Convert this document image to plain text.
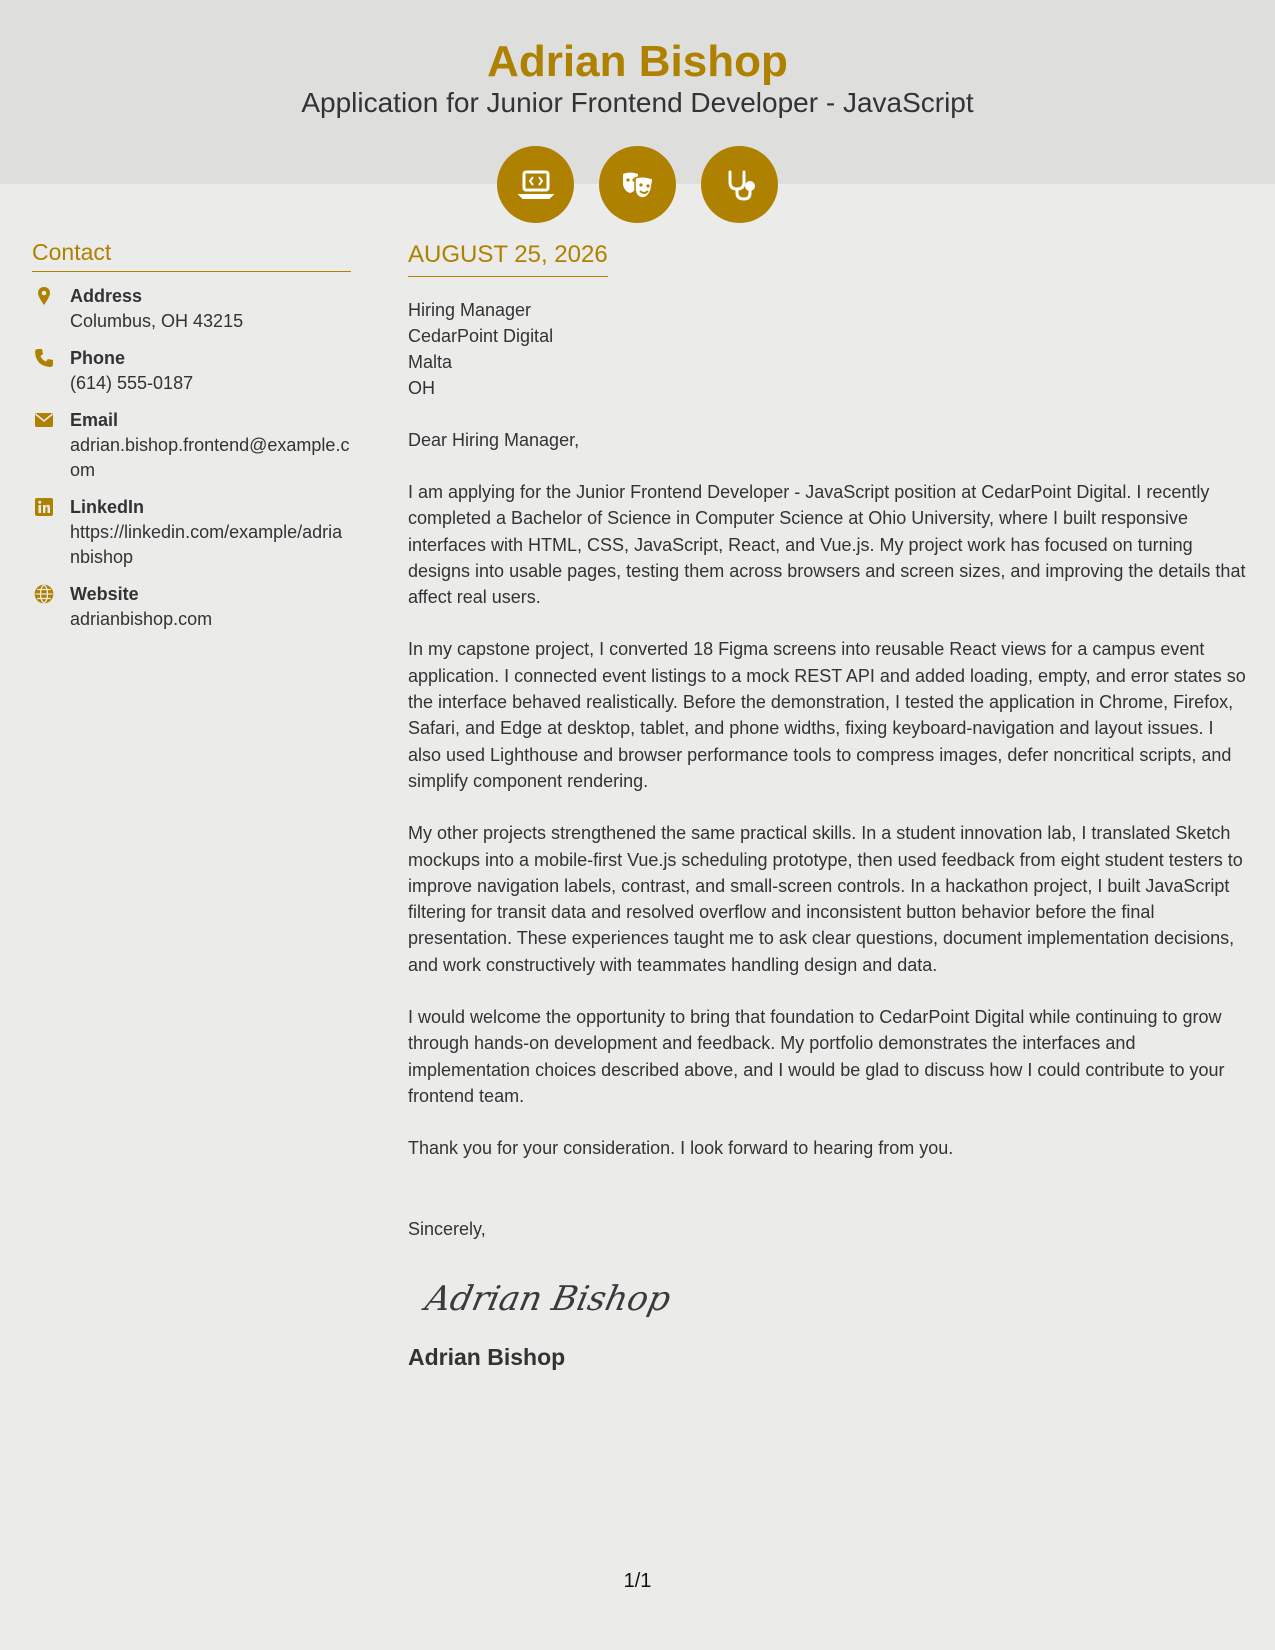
Adrian Bishop
Application for Junior Frontend Developer - JavaScript
Contact
Address
Columbus, OH 43215
Phone
(614) 555-0187
Email
adrian.bishop.frontend@example.com
LinkedIn
https://linkedin.com/example/adrianbishop
Website
adrianbishop.com
AUGUST 25, 2026
Hiring Manager
CedarPoint Digital
Malta
OH
Dear Hiring Manager,
I am applying for the Junior Frontend Developer - JavaScript position at CedarPoint Digital. I recently completed a Bachelor of Science in Computer Science at Ohio University, where I built responsive interfaces with HTML, CSS, JavaScript, React, and Vue.js. My project work has focused on turning designs into usable pages, testing them across browsers and screen sizes, and improving the details that affect real users.
In my capstone project, I converted 18 Figma screens into reusable React views for a campus event application. I connected event listings to a mock REST API and added loading, empty, and error states so the interface behaved realistically. Before the demonstration, I tested the application in Chrome, Firefox, Safari, and Edge at desktop, tablet, and phone widths, fixing keyboard-navigation and layout issues. I also used Lighthouse and browser performance tools to compress images, defer noncritical scripts, and simplify component rendering.
My other projects strengthened the same practical skills. In a student innovation lab, I translated Sketch mockups into a mobile-first Vue.js scheduling prototype, then used feedback from eight student testers to improve navigation labels, contrast, and small-screen controls. In a hackathon project, I built JavaScript filtering for transit data and resolved overflow and inconsistent button behavior before the final presentation. These experiences taught me to ask clear questions, document implementation decisions, and work constructively with teammates handling design and data.
I would welcome the opportunity to bring that foundation to CedarPoint Digital while continuing to grow through hands-on development and feedback. My portfolio demonstrates the interfaces and implementation choices described above, and I would be glad to discuss how I could contribute to your frontend team.
Thank you for your consideration. I look forward to hearing from you.
Sincerely,
Adrian Bishop
Adrian Bishop
1/1
